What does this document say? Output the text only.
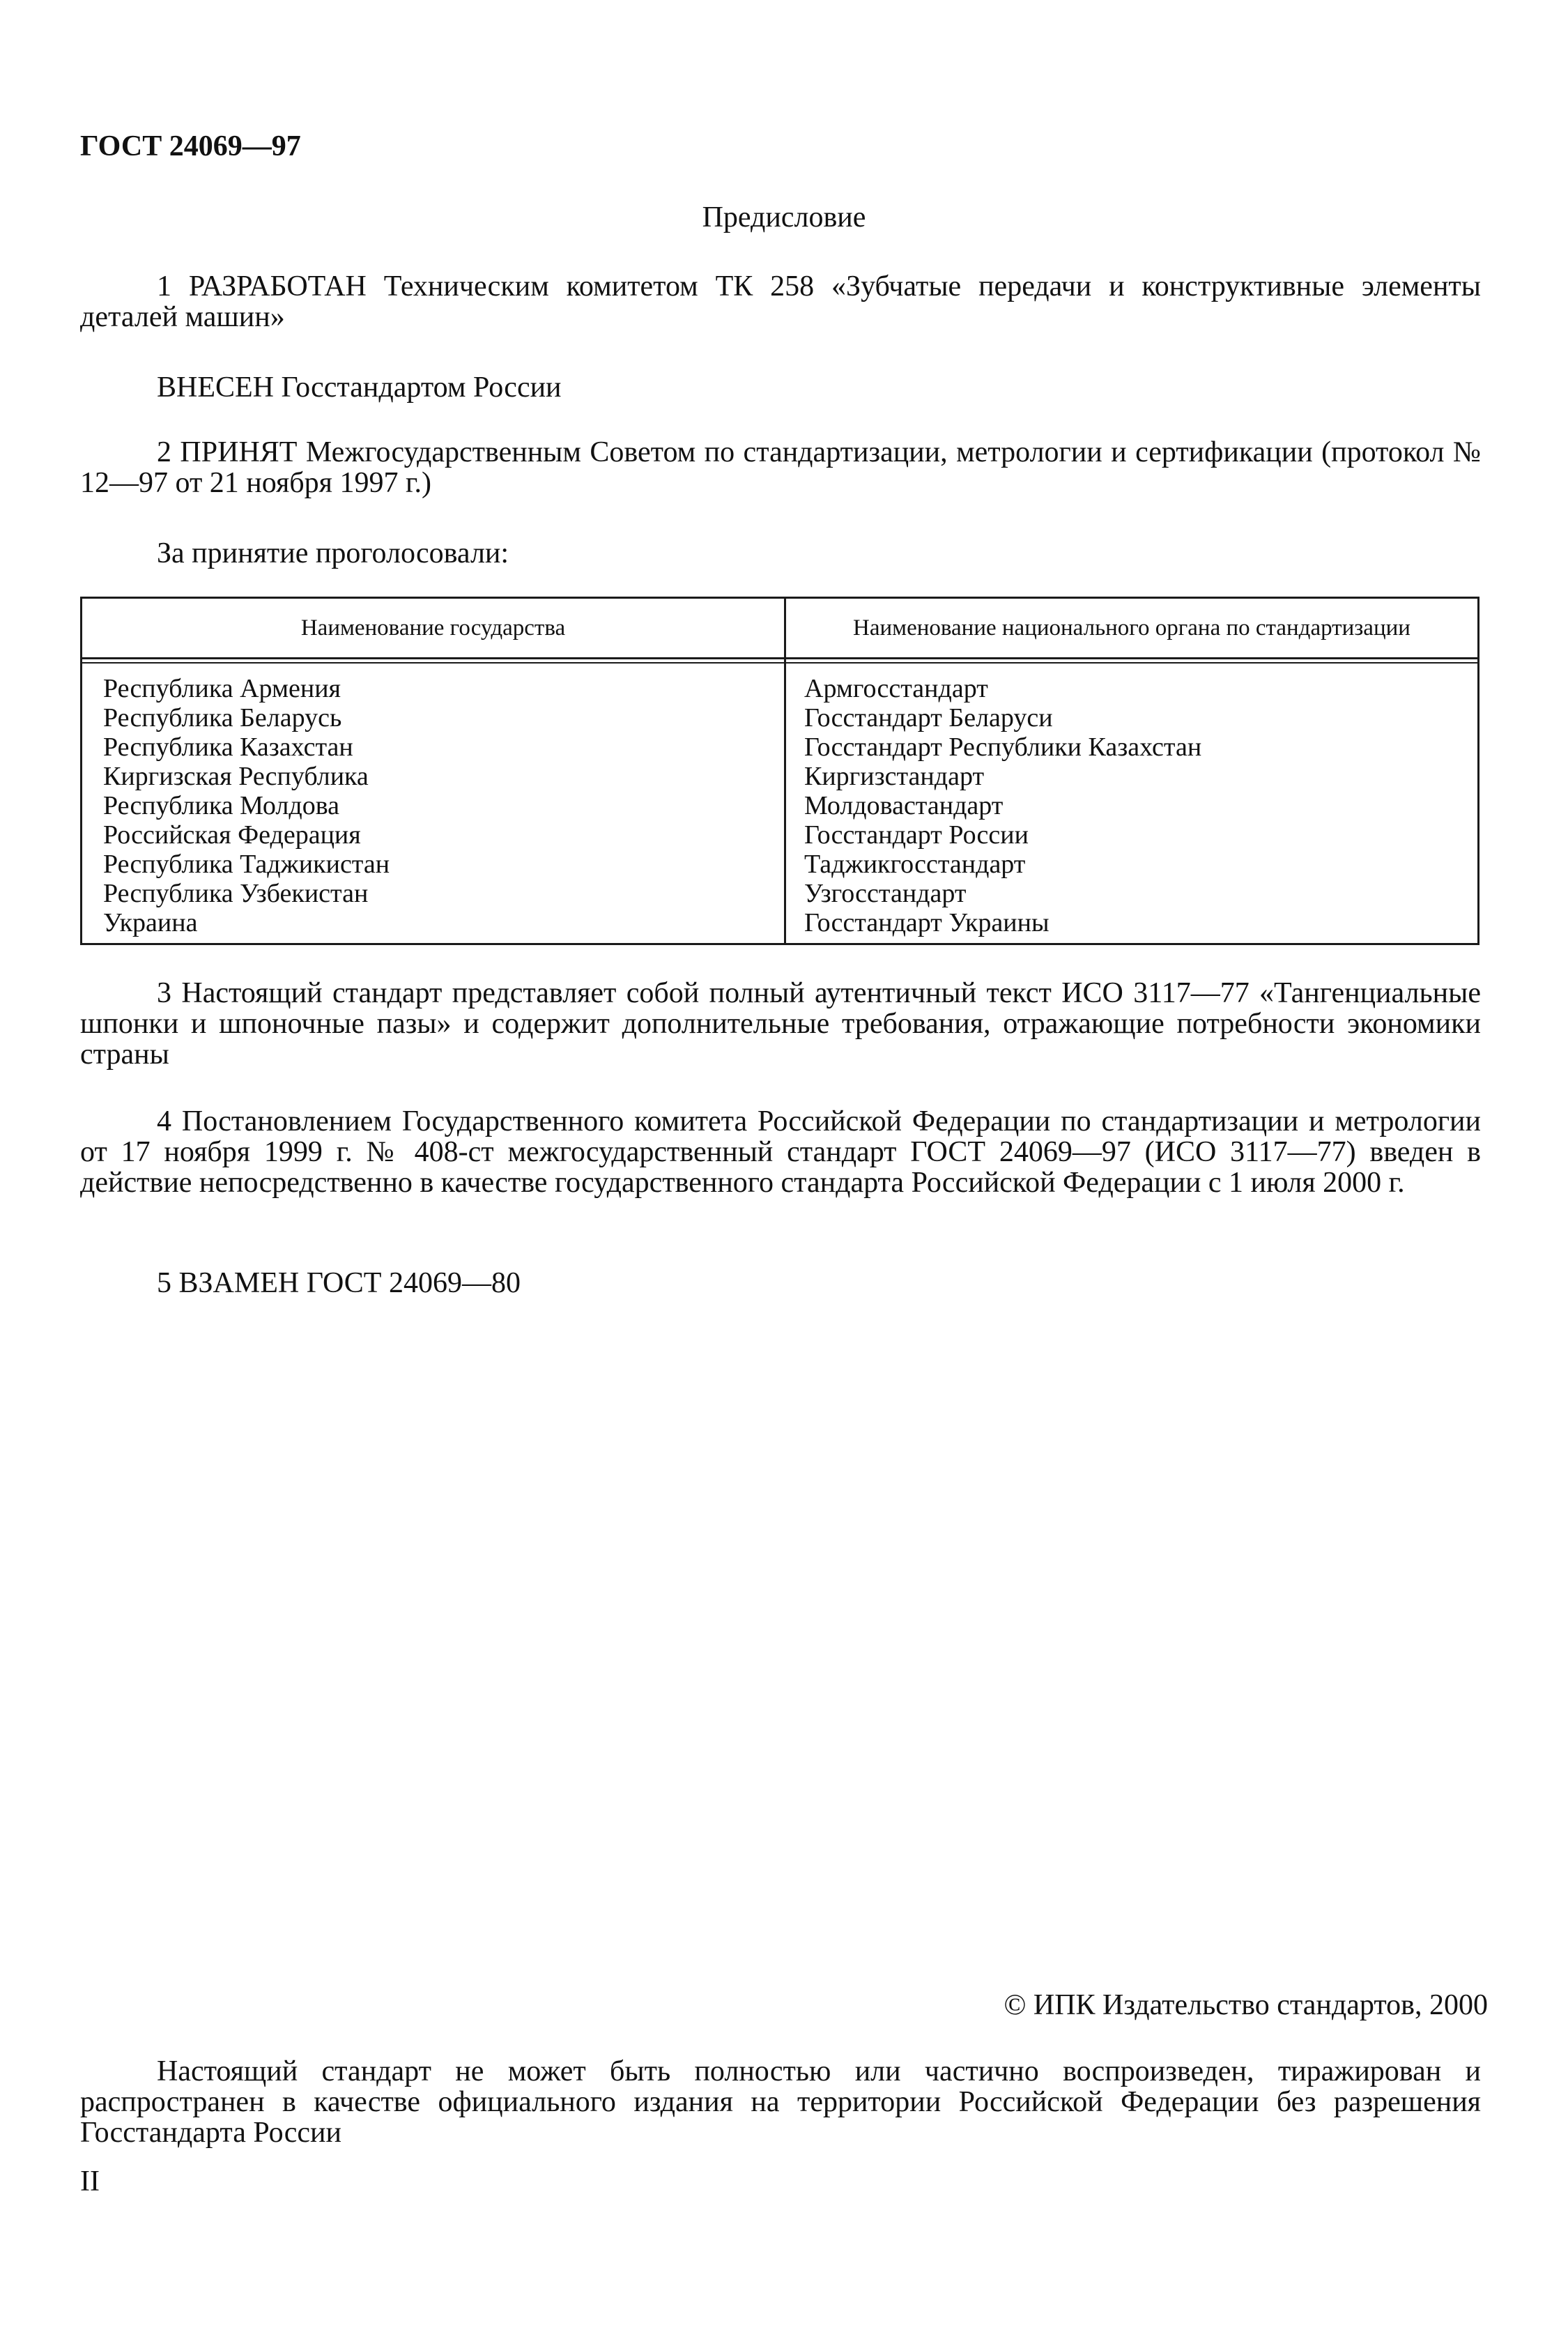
ГОСТ 24069—97
Предисловие
1 РАЗРАБОТАН Техническим комитетом ТК 258 «Зубчатые передачи и конструктивные элементы деталей машин»
ВНЕСЕН Госстандартом России
2 ПРИНЯТ Межгосударственным Советом по стандартизации, метрологии и сертификации (протокол № 12—97 от 21 ноября 1997 г.)
За принятие проголосовали:
Наименование государства	Наименование национального органа по стандартизации
Республика Армения
Республика Беларусь
Республика Казахстан
Киргизская Республика
Республика Молдова
Российская Федерация
Республика Таджикистан
Республика Узбекистан
Украина
Армгосстандарт
Госстандарт Беларуси
Госстандарт Республики Казахстан
Киргизстандарт
Молдовастандарт
Госстандарт России
Таджикгосстандарт
Узгосстандарт
Госстандарт Украины
3 Настоящий стандарт представляет собой полный аутентичный текст ИСО 3117—77 «Тангенциальные шпонки и шпоночные пазы» и содержит дополнительные требования, отражающие потребности экономики страны
4 Постановлением Государственного комитета Российской Федерации по стандартизации и метрологии от 17 ноября 1999 г. № 408-ст межгосударственный стандарт ГОСТ 24069—97 (ИСО 3117—77) введен в действие непосредственно в качестве государственного стандарта Российской Федерации с 1 июля 2000 г.
5 ВЗАМЕН ГОСТ 24069—80
© ИПК Издательство стандартов, 2000
Настоящий стандарт не может быть полностью или частично воспроизведен, тиражирован и распространен в качестве официального издания на территории Российской Федерации без разрешения Госстандарта России
II
